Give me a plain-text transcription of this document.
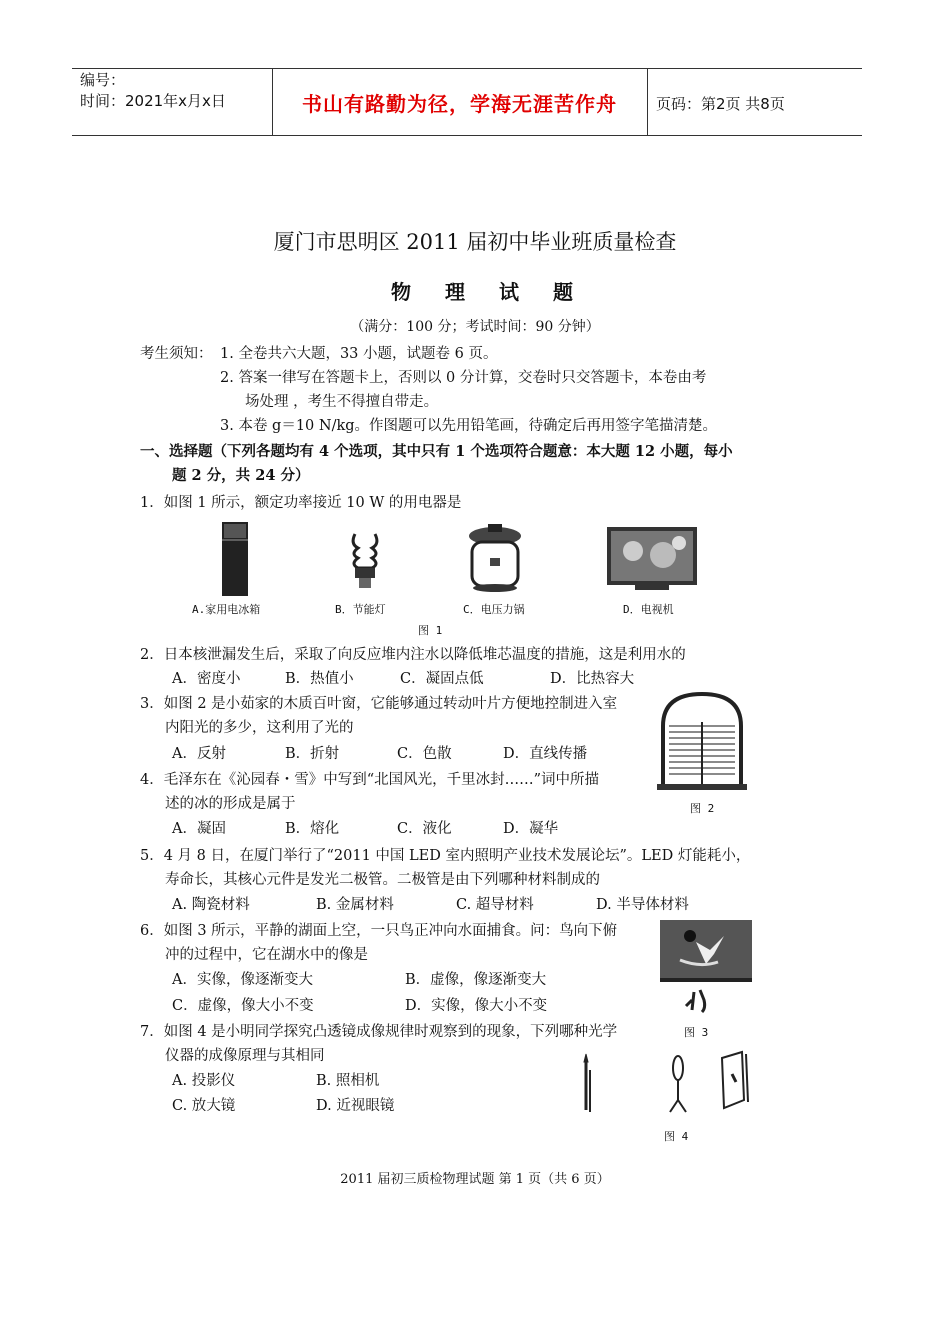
编号：
时间：2021年x月x日	书山有路勤为径，学海无涯苦作舟	页码：第2页 共8页
厦门市思明区 2011 届初中毕业班质量检查
物理试题
（满分：100 分；考试时间：90 分钟）
考生须知： 1. 全卷共六大题，33 小题，试题卷 6 页。
2. 答案一律写在答题卡上，否则以 0 分计算，交卷时只交答题卡，本卷由考
场处理 ，考生不得擅自带走。
3. 本卷 g＝10 N/kg。作图题可以先用铅笔画，待确定后再用签字笔描清楚。
一、选择题（下列各题均有 4 个选项，其中只有 1 个选项符合题意：本大题 12 小题，每小
题 2 分，共 24 分）
1．如图 1 所示，额定功率接近 10 W 的用电器是
A.家用电冰箱	B．节能灯	C．电压力锅	D．电视机
图 1
2．日本核泄漏发生后，采取了向反应堆内注水以降低堆芯温度的措施，这是利用水的
A．密度小	B．热值小	C．凝固点低	D．比热容大
3．如图 2 是小茹家的木质百叶窗，它能够通过转动叶片方便地控制进入室
内阳光的多少，这利用了光的
A．反射	B．折射	C．色散	D．直线传播
图 2
4．毛泽东在《沁园春・雪》中写到“北国风光，千里冰封……”词中所描
述的冰的形成是属于
A．凝固	B．熔化	C．液化	D．凝华
5．4 月 8 日，在厦门举行了“2011 中国 LED 室内照明产业技术发展论坛”。LED 灯能耗小，
寿命长，其核心元件是发光二极管。二极管是由下列哪种材料制成的
A. 陶瓷材料	B. 金属材料	C. 超导材料	D. 半导体材料
6．如图 3 所示，平静的湖面上空，一只鸟正冲向水面捕食。问：鸟向下俯
冲的过程中，它在湖水中的像是
A．实像，像逐渐变大	B．虚像，像逐渐变大
C．虚像，像大小不变	D．实像，像大小不变
图 3
7．如图 4 是小明同学探究凸透镜成像规律时观察到的现象，下列哪种光学
仪器的成像原理与其相同
A. 投影仪	B. 照相机
C. 放大镜	D. 近视眼镜
图 4
2011 届初三质检物理试题 第 1 页（共 6 页）
